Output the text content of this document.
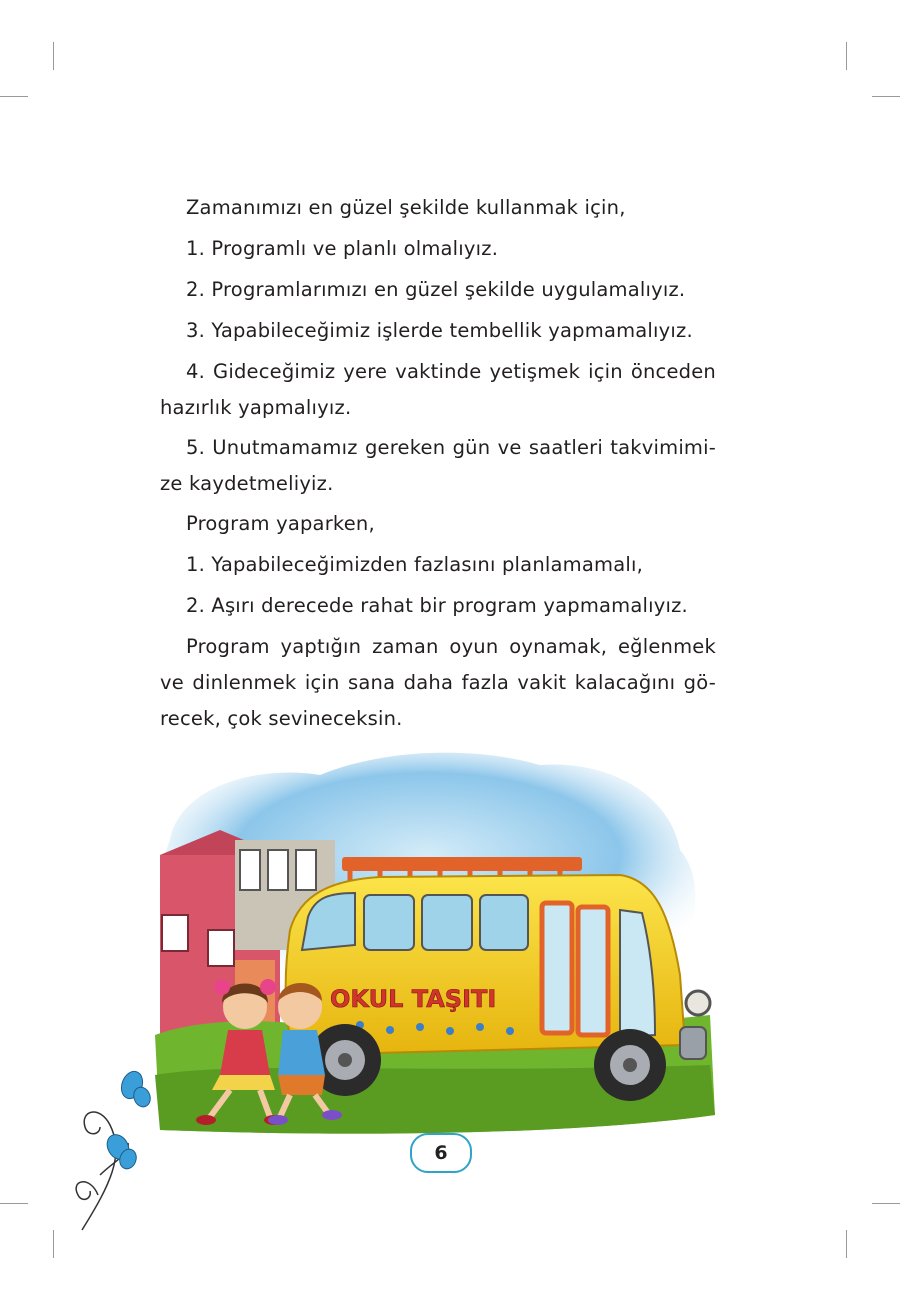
Zamanımızı en güzel şekilde kullanmak için,
1. Programlı ve planlı olmalıyız.
2. Programlarımızı en güzel şekilde uygulamalıyız.
3. Yapabileceğimiz işlerde tembellik yapmamalıyız.
4. Gideceğimiz yere vaktinde yetişmek için önceden
hazırlık yapmalıyız.
5. Unutmamamız gereken gün ve saatleri takvimimi-
ze kaydetmeliyiz.
Program yaparken,
1. Yapabileceğimizden fazlasını planlamamalı,
2. Aşırı derecede rahat bir program yapmamalıyız.
Program yaptığın zaman oyun oynamak, eğlenmek
ve dinlenmek için sana daha fazla vakit kalacağını gö-
recek, çok sevineceksin.
OKUL TAŞITI
6
